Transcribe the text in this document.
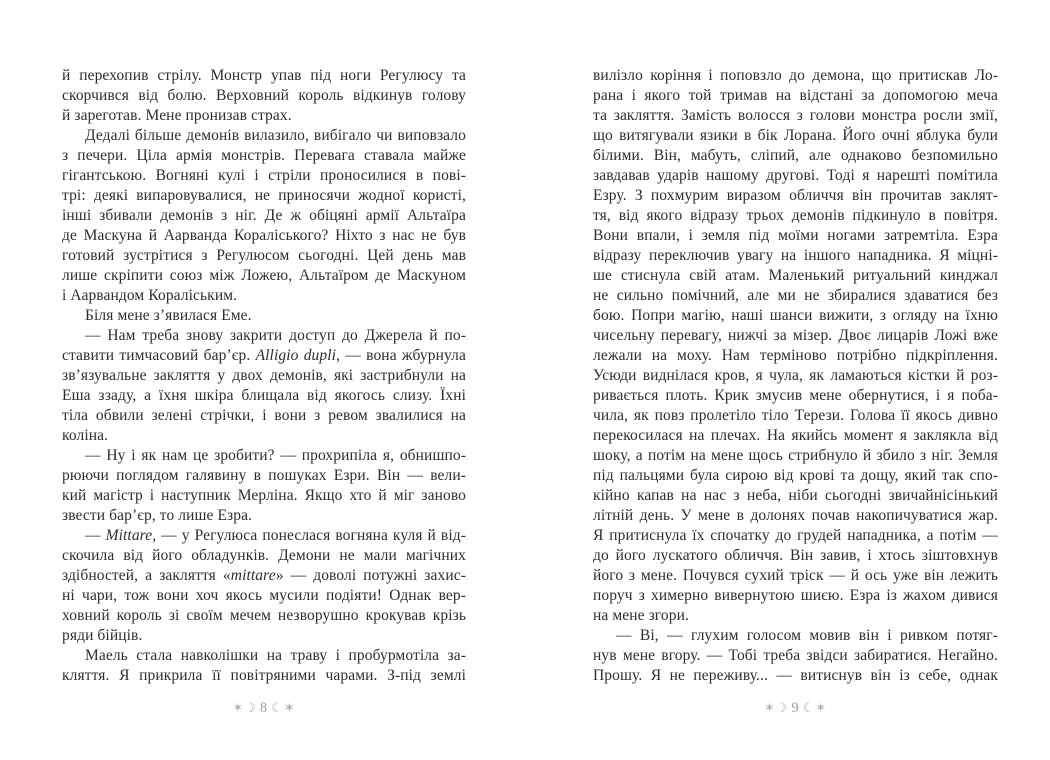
й перехопив стрілу. Монстр упав під ноги Регулюсу та
скорчився від болю. Верховний король відкинув голову
й зареготав. Мене пронизав страх.
Дедалі більше демонів вилазило, вибігало чи виповзало
з печери. Ціла армія монстрів. Перевага ставала майже
гігантською. Вогняні кулі і стріли проносилися в пові-
трі: деякі випаровувалися, не приносячи жодної користі,
інші збивали демонів з ніг. Де ж обіцяні армії Альтаїра
де Маскуна й Аарванда Кораліського? Ніхто з нас не був
готовий зустрітися з Регулюсом сьогодні. Цей день мав
лише скріпити союз між Ложею, Альтаїром де Маскуном
і Аарвандом Кораліським.
Біля мене з’явилася Еме.
— Нам треба знову закрити доступ до Джерела й по-
ставити тимчасовий бар’єр. Alligio dupli, — вона жбурнула
зв’язувальне закляття у двох демонів, які застрибнули на
Еша ззаду, а їхня шкіра блищала від якогось слизу. Їхні
тіла обвили зелені стрічки, і вони з ревом звалилися на
коліна.
— Ну і як нам це зробити? — прохрипіла я, обнишпо-
рюючи поглядом галявину в пошуках Езри. Він — вели-
кий магістр і наступник Мерліна. Якщо хто й міг заново
звести бар’єр, то лише Езра.
— Mittare, — у Регулюса понеслася вогняна куля й від-
скочила від його обладунків. Демони не мали магічних
здібностей, а закляття «mittare» — доволі потужні захис-
ні чари, тож вони хоч якось мусили подіяти! Однак вер-
ховний король зі своїм мечем незворушно крокував крізь
ряди бійців.
Маель стала навколішки на траву і пробурмотіла за-
кляття. Я прикрила її повітряними чарами. З-під землі
✶☽ 8 ☾✶
вилізло коріння і поповзло до демона, що притискав Ло-
рана і якого той тримав на відстані за допомогою меча
та закляття. Замість волосся з голови монстра росли змії,
що витягували язики в бік Лорана. Його очні яблука були
білими. Він, мабуть, сліпий, але однаково безпомильно
завдавав ударів нашому другові. Тоді я нарешті помітила
Езру. З похмурим виразом обличчя він прочитав заклят-
тя, від якого відразу трьох демонів підкинуло в повітря.
Вони впали, і земля під моїми ногами затремтіла. Езра
відразу переключив увагу на іншого нападника. Я міцні-
ше стиснула свій атам. Маленький ритуальний кинджал
не сильно помічний, але ми не збиралися здаватися без
бою. Попри магію, наші шанси вижити, з огляду на їхню
чисельну перевагу, нижчі за мізер. Двоє лицарів Ложі вже
лежали на моху. Нам терміново потрібно підкріплення.
Усюди виднілася кров, я чула, як ламаються кістки й роз-
ривається плоть. Крик змусив мене обернутися, і я поба-
чила, як повз пролетіло тіло Терези. Голова її якось дивно
перекосилася на плечах. На якийсь момент я заклякла від
шоку, а потім на мене щось стрибнуло й збило з ніг. Земля
під пальцями була сирою від крові та дощу, який так спо-
кійно капав на нас з неба, ніби сьогодні звичайнісінький
літній день. У мене в долонях почав накопичуватися жар.
Я притиснула їх спочатку до грудей нападника, а потім —
до його лускатого обличчя. Він завив, і хтось зіштовхнув
його з мене. Почувся сухий тріск — й ось уже він лежить
поруч з химерно вивернутою шиєю. Езра із жахом дивися
на мене згори.
— Ві, — глухим голосом мовив він і ривком потяг-
нув мене вгору. — Тобі треба звідси забиратися. Негайно.
Прошу. Я не переживу... — витиснув він із себе, однак
✶☽ 9 ☾✶
